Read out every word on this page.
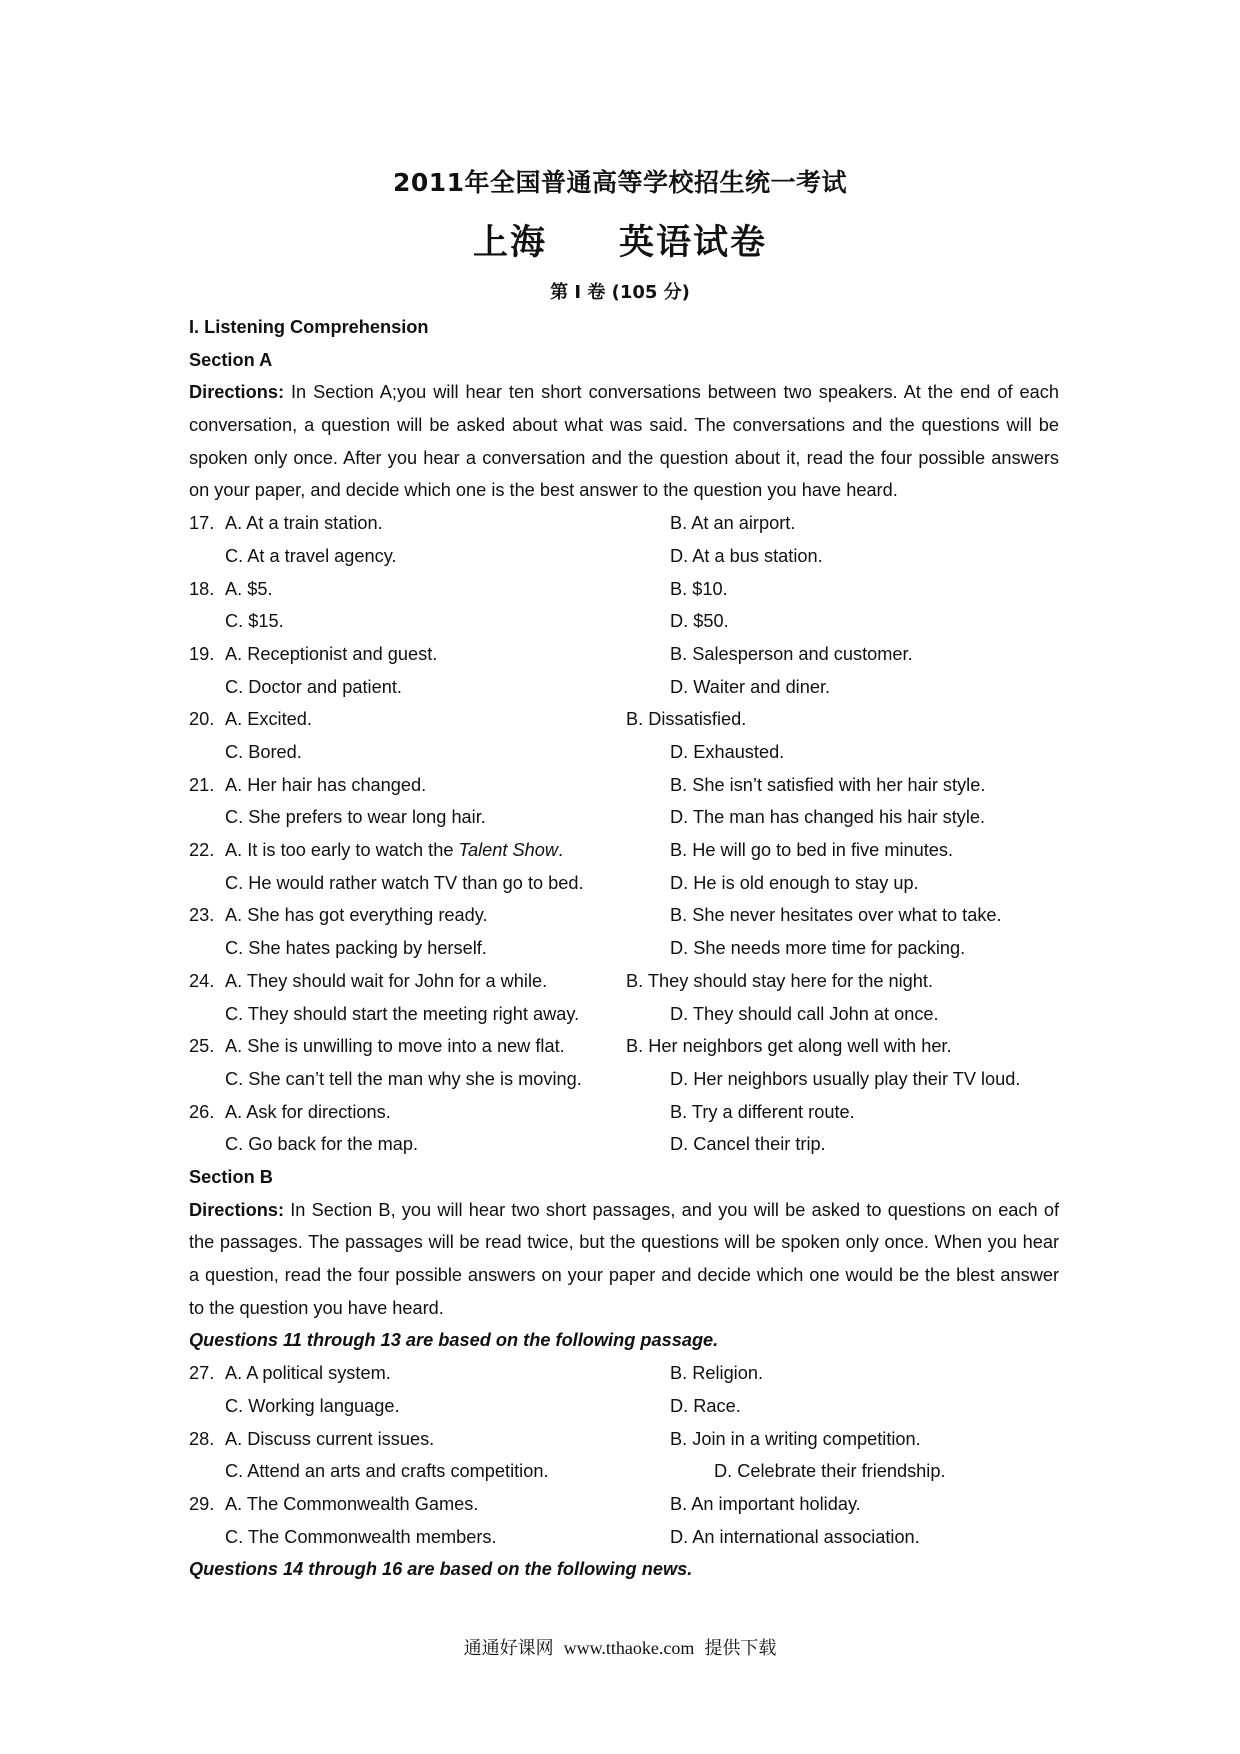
2011年全国普通高等学校招生统一考试
上海 英语试卷
第 I 卷 (105 分)
I. Listening Comprehension
Section A
Directions: In Section A;you will hear ten short conversations between two speakers. At the end of each conversation, a question will be asked about what was said. The conversations and the questions will be spoken only once. After you hear a conversation and the question about it, read the four possible answers on your paper, and decide which one is the best answer to the question you have heard.
17. A. At a train station.	B. At an airport.
C. At a travel agency.	D. At a bus station.
18. A. $5.	B. $10.
C. $15.	D. $50.
19. A. Receptionist and guest.	B. Salesperson and customer.
C. Doctor and patient.	D. Waiter and diner.
20. A. Excited.	B. Dissatisfied.
C. Bored.	D. Exhausted.
21. A. Her hair has changed.	B. She isn’t satisfied with her hair style.
C. She prefers to wear long hair.	D. The man has changed his hair style.
22. A. It is too early to watch the Talent Show.	B. He will go to bed in five minutes.
C. He would rather watch TV than go to bed.	D. He is old enough to stay up.
23. A. She has got everything ready.	B. She never hesitates over what to take.
C. She hates packing by herself.	D. She needs more time for packing.
24. A. They should wait for John for a while.	B. They should stay here for the night.
C. They should start the meeting right away.	D. They should call John at once.
25. A. She is unwilling to move into a new flat.	B. Her neighbors get along well with her.
C. She can’t tell the man why she is moving.	D. Her neighbors usually play their TV loud.
26. A. Ask for directions.	B. Try a different route.
C. Go back for the map.	D. Cancel their trip.
Section B
Directions: In Section B, you will hear two short passages, and you will be asked to questions on each of the passages. The passages will be read twice, but the questions will be spoken only once. When you hear a question, read the four possible answers on your paper and decide which one would be the blest answer to the question you have heard.
Questions 11 through 13 are based on the following passage.
27. A. A political system.	B. Religion.
C. Working language.	D. Race.
28. A. Discuss current issues.	B. Join in a writing competition.
C. Attend an arts and crafts competition.	D. Celebrate their friendship.
29. A. The Commonwealth Games.	B. An important holiday.
C. The Commonwealth members.	D. An international association.
Questions 14 through 16 are based on the following news.
通通好课网 www.tthaoke.com 提供下载
